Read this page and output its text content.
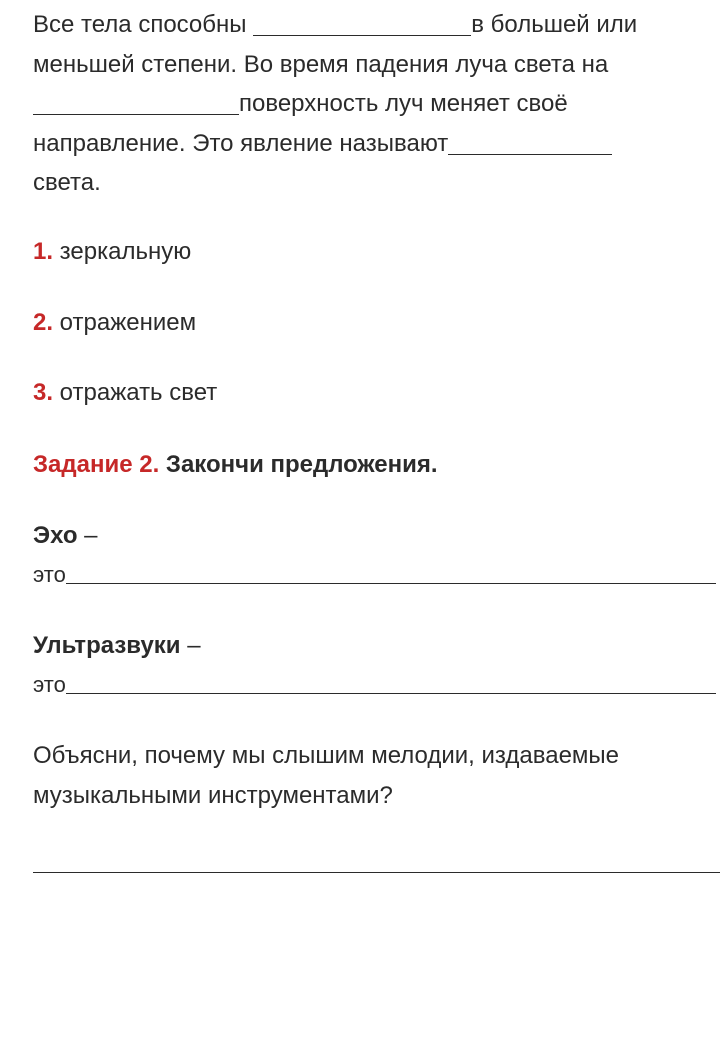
Все тела способны	в большей или
меньшей степени. Во время падения луча света на
поверхность луч меняет своё
направление. Это явление называют
света.
1. зеркальную
2. отражением
3. отражать свет
Задание 2. Закончи предложения.
Эхо –
это
Ультразвуки –
это
Объясни, почему мы слышим мелодии, издаваемые
музыкальными инструментами?
